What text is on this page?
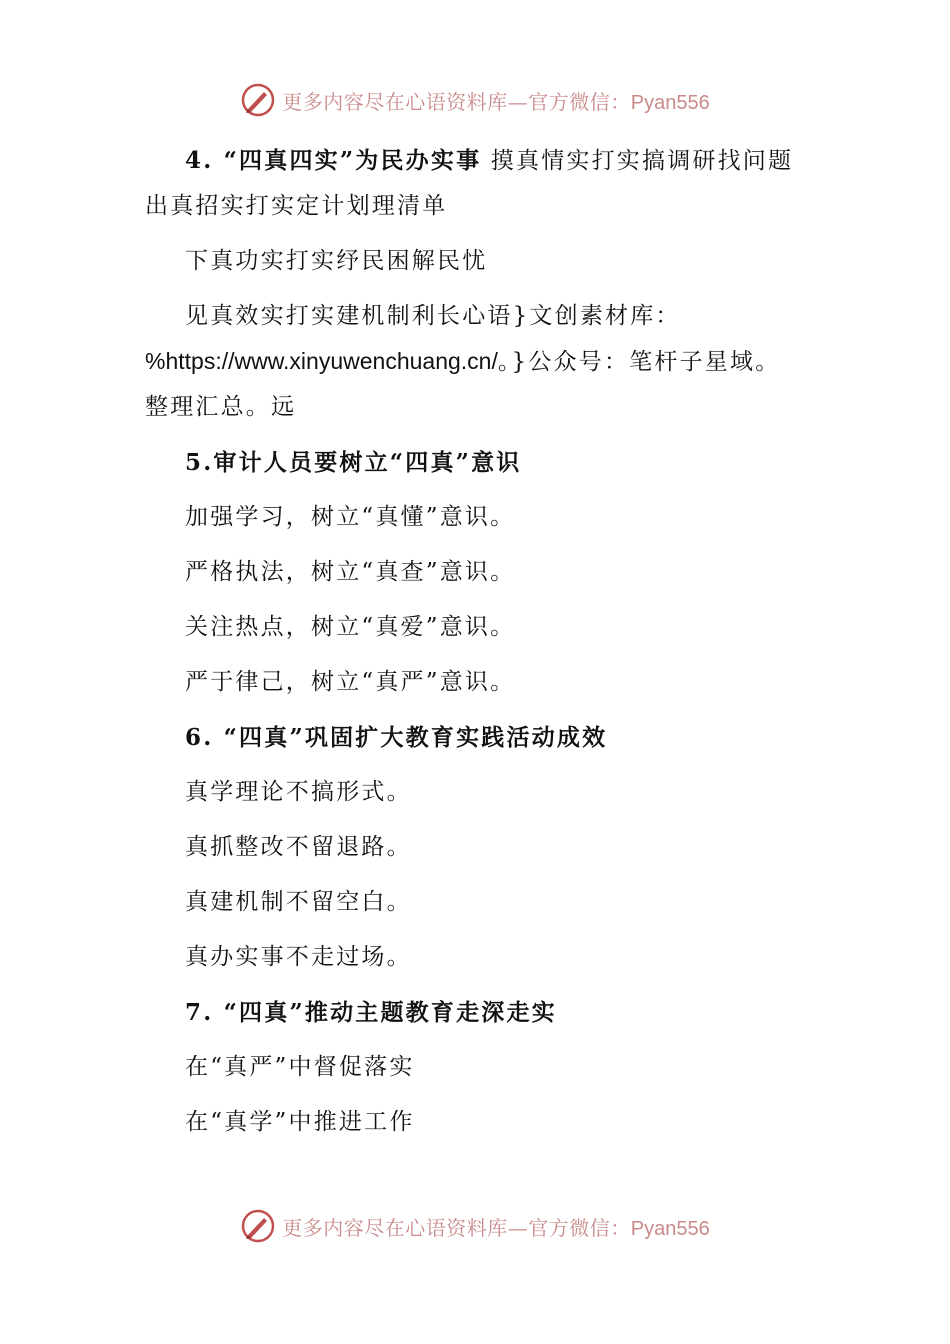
更多内容尽在心语资料库—官方微信：Pyan556

4. “四真四实”为民办实事 摸真情实打实搞调研找问题 出真招实打实定计划理清单

下真功实打实纾民困解民忧

见真效实打实建机制利长心语}文创素材库：%https://www.xinyuwenchuang.cn/。}公众号：笔杆子星域。整理汇总。远

5.审计人员要树立“四真”意识

加强学习，树立“真懂”意识。

严格执法，树立“真查”意识。

关注热点，树立“真爱”意识。

严于律己，树立“真严”意识。

6. “四真”巩固扩大教育实践活动成效

真学理论不搞形式。

真抓整改不留退路。

真建机制不留空白。

真办实事不走过场。

7. “四真”推动主题教育走深走实

在“真严”中督促落实

在“真学”中推进工作

更多内容尽在心语资料库—官方微信：Pyan556
